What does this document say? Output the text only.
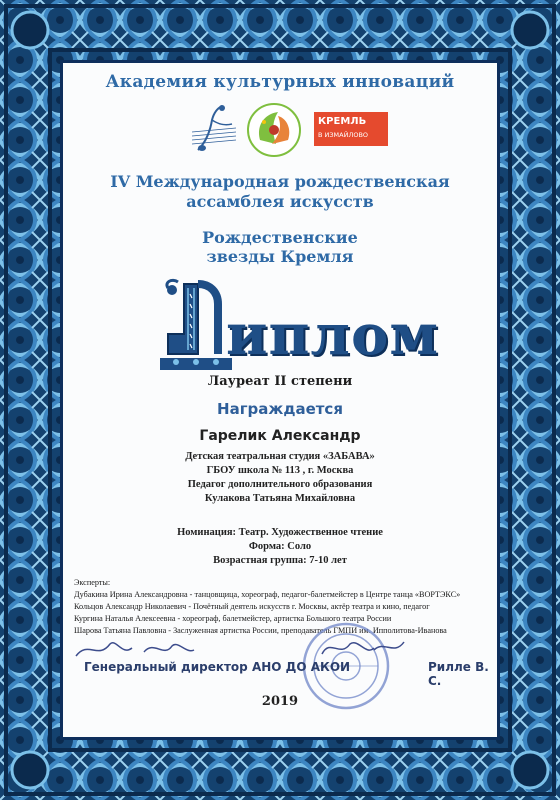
Академия культурных инноваций
КРЕМЛЬ
В ИЗМАЙЛОВО
IV Международная рождественская
ассамблея искусств
Рождественские
звезды Кремля
иплом
Лауреат II степени
Награждается
Гарелик Александр
Детская театральная студия «ЗАБАВА»
ГБОУ школа № 113 , г. Москва
Педагог дополнительного образования
Кулакова Татьяна Михайловна
Номинация: Театр. Художественное чтение
Форма: Соло
Возрастная группа: 7-10 лет
Эксперты:
Дубакина Ирина Александровна - танцовщица, хореограф, педагог-балетмейстер в Центре танца «ВОРТЭКС»
Кольцов Александр Николаевич - Почётный деятель искусств г. Москвы, актёр театра и кино, педагог
Кургина Наталья Алексеевна - хореограф, балетмейстер, артистка Большого театра России
Шарова Татьяна Павловна - Заслуженная артистка России, преподаватель ГМПИ им. Ипполитова-Иванова
Генеральный директор АНО ДО АКОИ	Рилле В. С.
2019
